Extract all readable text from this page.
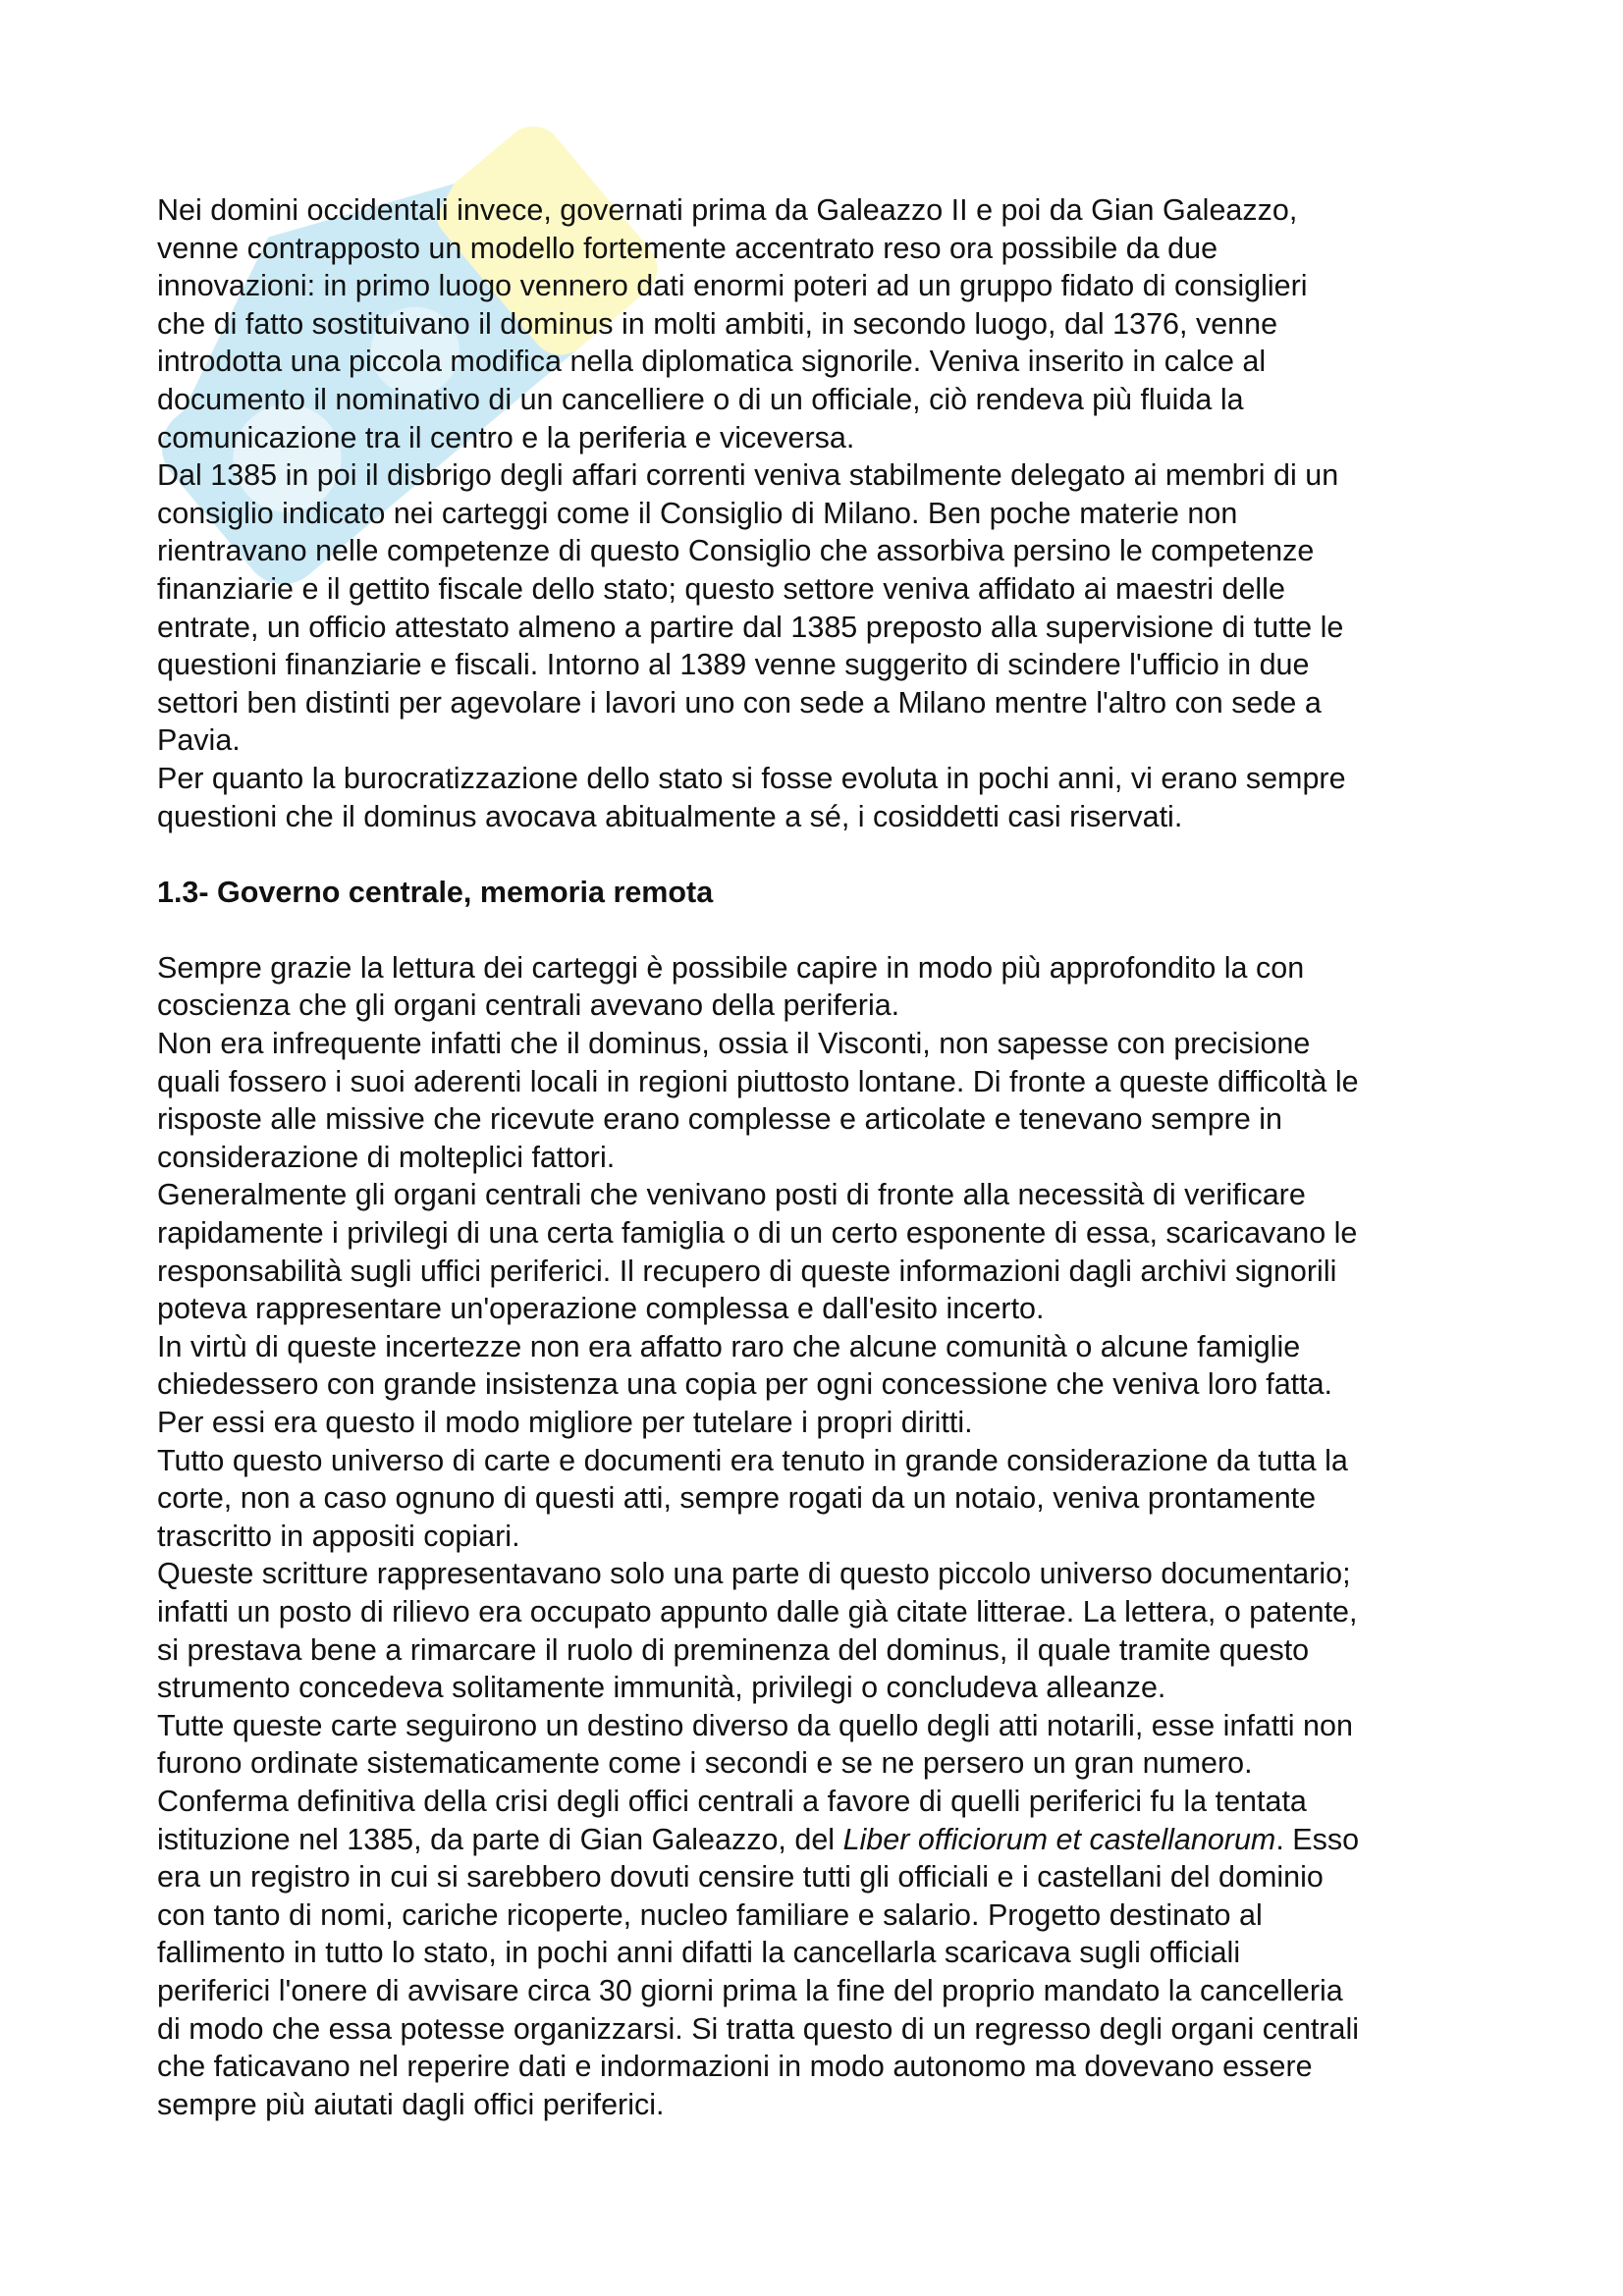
Nei domini occidentali invece, governati prima da Galeazzo II e poi da Gian Galeazzo,
venne contrapposto un modello fortemente accentrato reso ora possibile da due
innovazioni: in primo luogo vennero dati enormi poteri ad un gruppo fidato di consiglieri
che di fatto sostituivano il dominus in molti ambiti, in secondo luogo, dal 1376, venne
introdotta una piccola modifica nella diplomatica signorile. Veniva inserito in calce al
documento il nominativo di un cancelliere o di un officiale, ciò rendeva più fluida la
comunicazione tra il centro e la periferia e viceversa.
Dal 1385 in poi il disbrigo degli affari correnti veniva stabilmente delegato ai membri di un
consiglio indicato nei carteggi come il Consiglio di Milano. Ben poche materie non
rientravano nelle competenze di questo Consiglio che assorbiva persino le competenze
finanziarie e il gettito fiscale dello stato; questo settore veniva affidato ai maestri delle
entrate, un officio attestato almeno a partire dal 1385 preposto alla supervisione di tutte le
questioni finanziarie e fiscali. Intorno al 1389 venne suggerito di scindere l'ufficio in due
settori ben distinti per agevolare i lavori uno con sede a Milano mentre l'altro con sede a
Pavia.
Per quanto la burocratizzazione dello stato si fosse evoluta in pochi anni, vi erano sempre
questioni che il dominus avocava abitualmente a sé, i cosiddetti casi riservati.
1.3- Governo centrale, memoria remota
Sempre grazie la lettura dei carteggi è possibile capire in modo più approfondito la con
coscienza che gli organi centrali avevano della periferia.
Non era infrequente infatti che il dominus, ossia il Visconti, non sapesse con precisione
quali fossero i suoi aderenti locali in regioni piuttosto lontane. Di fronte a queste difficoltà le
risposte alle missive che ricevute erano complesse e articolate e tenevano sempre in
considerazione di molteplici fattori.
Generalmente gli organi centrali che venivano posti di fronte alla necessità di verificare
rapidamente i privilegi di una certa famiglia o di un certo esponente di essa, scaricavano le
responsabilità sugli uffici periferici. Il recupero di queste informazioni dagli archivi signorili
poteva rappresentare un'operazione complessa e dall'esito incerto.
In virtù di queste incertezze non era affatto raro che alcune comunità o alcune famiglie
chiedessero con grande insistenza una copia per ogni concessione che veniva loro fatta.
Per essi era questo il modo migliore per tutelare i propri diritti.
Tutto questo universo di carte e documenti era tenuto in grande considerazione da tutta la
corte, non a caso ognuno di questi atti, sempre rogati da un notaio, veniva prontamente
trascritto in appositi copiari.
Queste scritture rappresentavano solo una parte di questo piccolo universo documentario;
infatti un posto di rilievo era occupato appunto dalle già citate litterae. La lettera, o patente,
si prestava bene a rimarcare il ruolo di preminenza del dominus, il quale tramite questo
strumento concedeva solitamente immunità, privilegi o concludeva alleanze.
Tutte queste carte seguirono un destino diverso da quello degli atti notarili, esse infatti non
furono ordinate sistematicamente come i secondi e se ne persero un gran numero.
Conferma definitiva della crisi degli offici centrali a favore di quelli periferici fu la tentata
istituzione nel 1385, da parte di Gian Galeazzo, del Liber officiorum et castellanorum. Esso
era un registro in cui si sarebbero dovuti censire tutti gli officiali e i castellani del dominio
con tanto di nomi, cariche ricoperte, nucleo familiare e salario. Progetto destinato al
fallimento in tutto lo stato, in pochi anni difatti la cancellarla scaricava sugli officiali
periferici l'onere di avvisare circa 30 giorni prima la fine del proprio mandato la cancelleria
di modo che essa potesse organizzarsi. Si tratta questo di un regresso degli organi centrali
che faticavano nel reperire dati e indormazioni in modo autonomo ma dovevano essere
sempre più aiutati dagli offici periferici.
